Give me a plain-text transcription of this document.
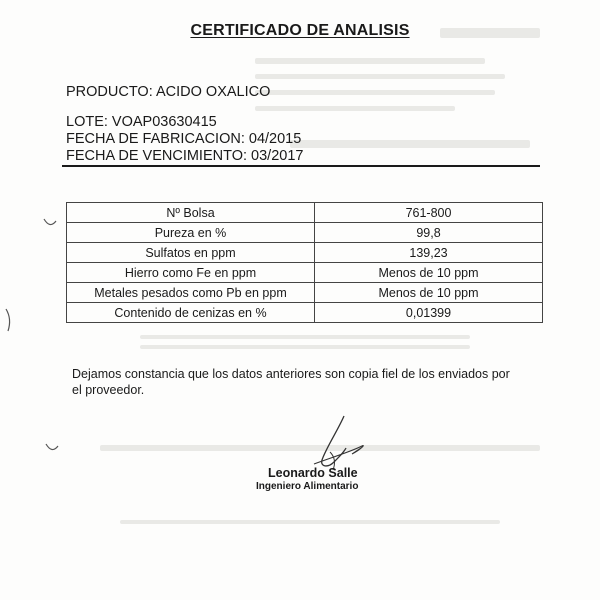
CERTIFICADO DE ANALISIS
PRODUCTO: ACIDO OXALICO
LOTE: VOAP03630415
FECHA DE FABRICACION: 04/2015
FECHA DE VENCIMIENTO: 03/2017
Nº Bolsa	761-800
Pureza en %	99,8
Sulfatos en ppm	139,23
Hierro como Fe en ppm	Menos de 10 ppm
Metales pesados como Pb en ppm	Menos de 10 ppm
Contenido de cenizas en %	0,01399
Dejamos constancia que los datos anteriores son copia fiel de los enviados por el proveedor.
Leonardo Salle
Ingeniero Alimentario
